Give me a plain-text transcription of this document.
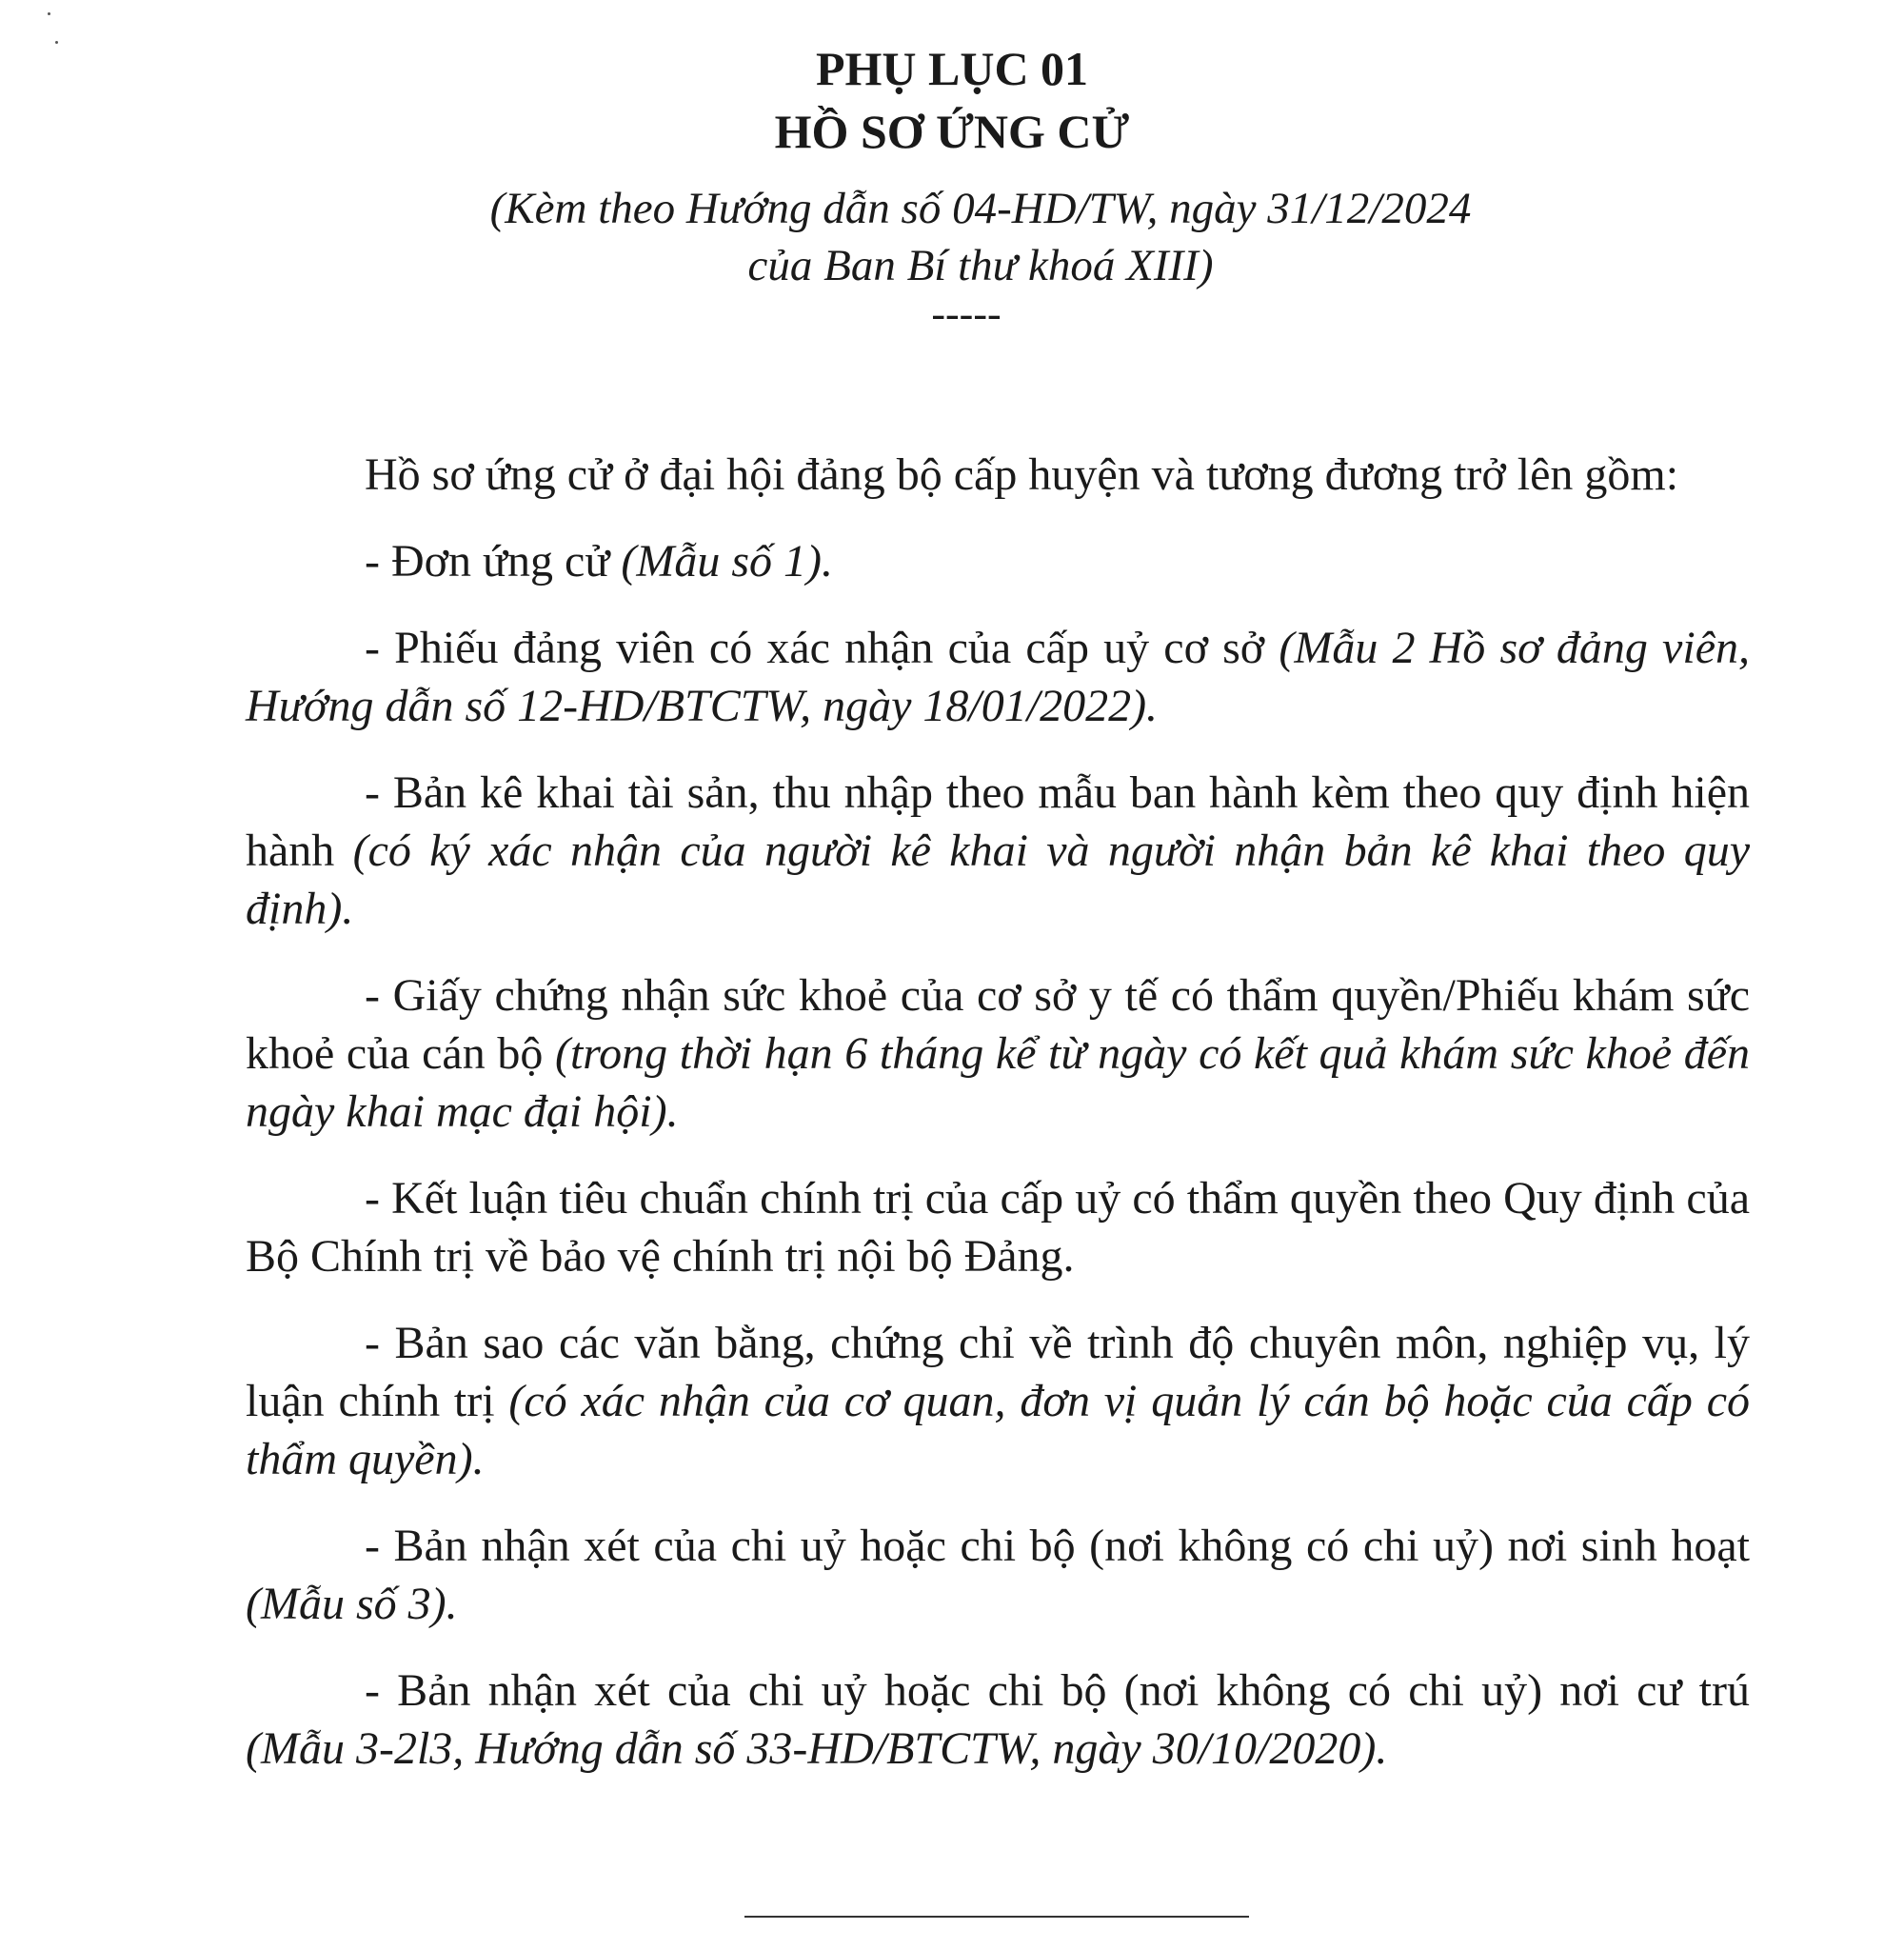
PHỤ LỤC 01
HỒ SƠ ỨNG CỬ
(Kèm theo Hướng dẫn số 04-HD/TW, ngày 31/12/2024
của Ban Bí thư khoá XIII)
-----

Hồ sơ ứng cử ở đại hội đảng bộ cấp huyện và tương đương trở lên gồm:

- Đơn ứng cử (Mẫu số 1).

- Phiếu đảng viên có xác nhận của cấp uỷ cơ sở (Mẫu 2 Hồ sơ đảng viên, Hướng dẫn số 12-HD/BTCTW, ngày 18/01/2022).

- Bản kê khai tài sản, thu nhập theo mẫu ban hành kèm theo quy định hiện hành (có ký xác nhận của người kê khai và người nhận bản kê khai theo quy định).

- Giấy chứng nhận sức khoẻ của cơ sở y tế có thẩm quyền/Phiếu khám sức khoẻ của cán bộ (trong thời hạn 6 tháng kể từ ngày có kết quả khám sức khoẻ đến ngày khai mạc đại hội).

- Kết luận tiêu chuẩn chính trị của cấp uỷ có thẩm quyền theo Quy định của Bộ Chính trị về bảo vệ chính trị nội bộ Đảng.

- Bản sao các văn bằng, chứng chỉ về trình độ chuyên môn, nghiệp vụ, lý luận chính trị (có xác nhận của cơ quan, đơn vị quản lý cán bộ hoặc của cấp có thẩm quyền).

- Bản nhận xét của chi uỷ hoặc chi bộ (nơi không có chi uỷ) nơi sinh hoạt (Mẫu số 3).

- Bản nhận xét của chi uỷ hoặc chi bộ (nơi không có chi uỷ) nơi cư trú (Mẫu 3-2l3, Hướng dẫn số 33-HD/BTCTW, ngày 30/10/2020).
